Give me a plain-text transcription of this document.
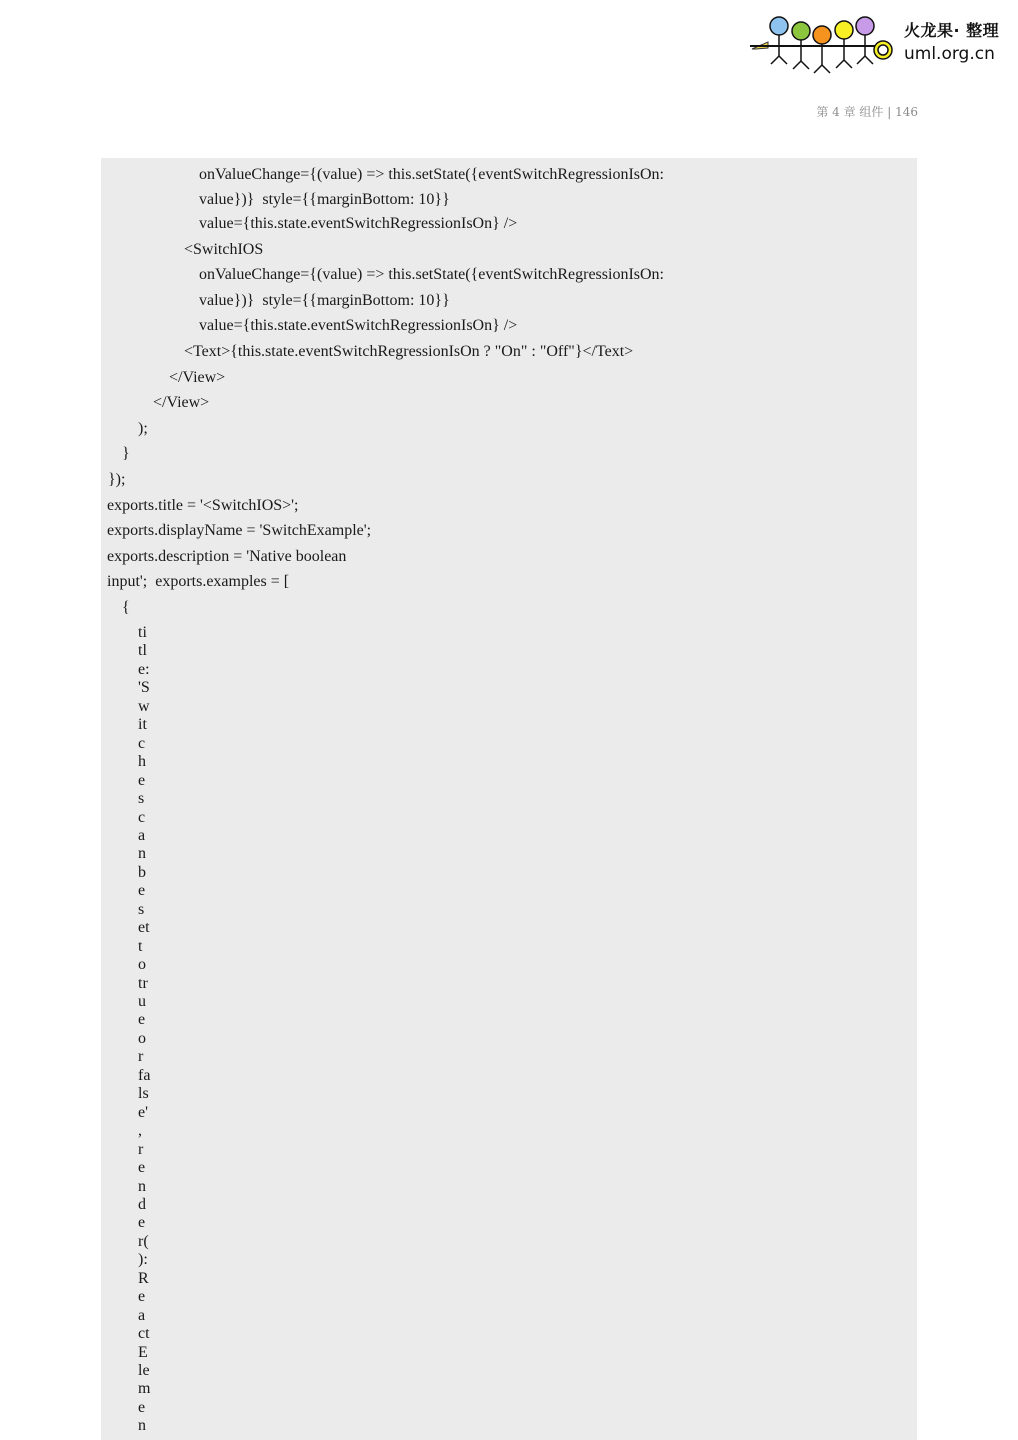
火龙果· 整理
uml.org.cn
第 4 章 组件 | 146
onValueChange={(value) => this.setState({eventSwitchRegressionIsOn:
value})}  style={{marginBottom: 10}}
value={this.state.eventSwitchRegressionIsOn} />
<SwitchIOS
onValueChange={(value) => this.setState({eventSwitchRegressionIsOn:
value})}  style={{marginBottom: 10}}
value={this.state.eventSwitchRegressionIsOn} />
<Text>{this.state.eventSwitchRegressionIsOn ? "On" : "Off"}</Text>
</View>
</View>
);
}
});
exports.title = '<SwitchIOS>';
exports.displayName = 'SwitchExample';
exports.description = 'Native boolean
input';  exports.examples = [
{
ti
tl
e:
'S
w
it
c
h
e
s
c
a
n
b
e
s
et
t
o
tr
u
e
o
r
fa
ls
e'
,
r
e
n
d
e
r(
):
R
e
a
ct
E
le
m
e
n
